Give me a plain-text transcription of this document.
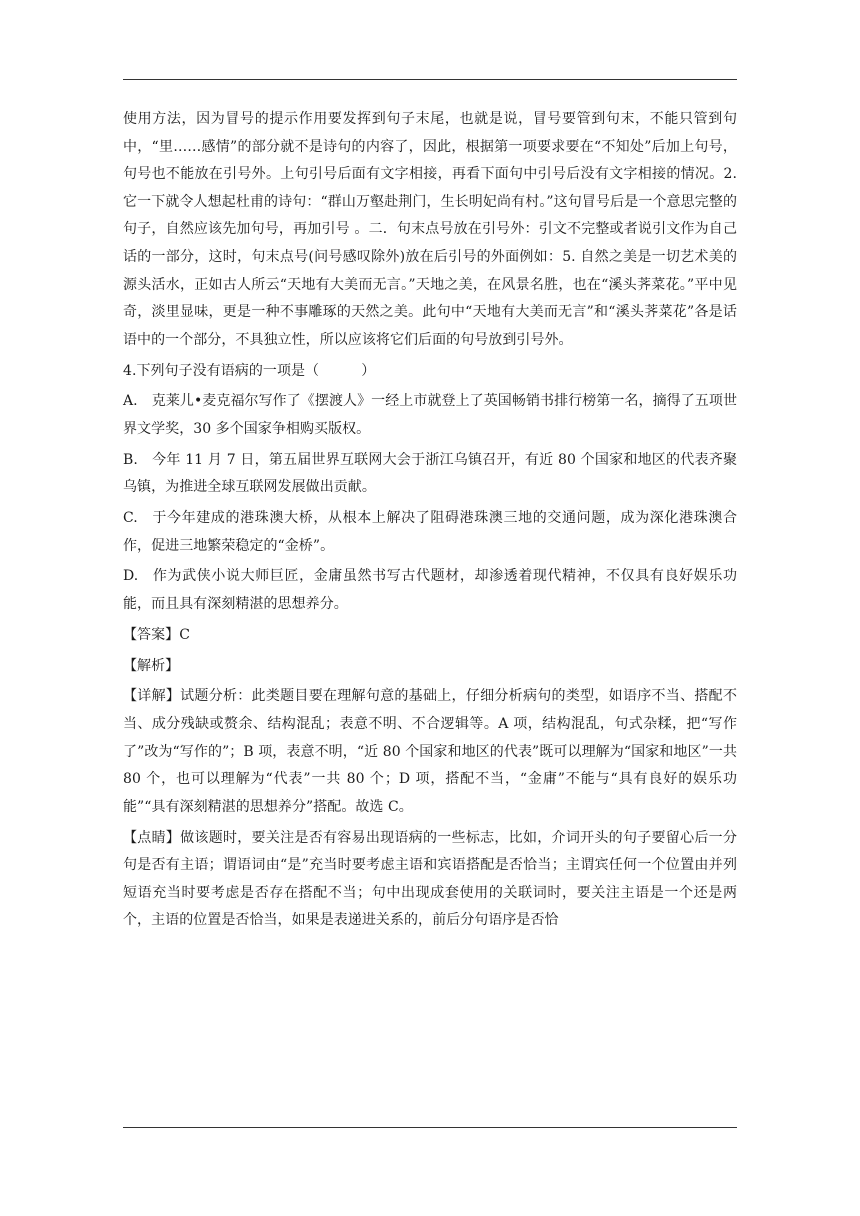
使用方法，因为冒号的提示作用要发挥到句子末尾，也就是说，冒号要管到句末，不能只管到句中，“里……感情”的部分就不是诗句的内容了，因此，根据第一项要求要在“不知处”后加上句号，句号也不能放在引号外。上句引号后面有文字相接，再看下面句中引号后没有文字相接的情况。2. 它一下就令人想起杜甫的诗句：“群山万壑赴荆门，生长明妃尚有村。”这句冒号后是一个意思完整的句子，自然应该先加句号，再加引号 。二．句末点号放在引号外：引文不完整或者说引文作为自己话的一部分，这时，句末点号(问号感叹除外)放在后引号的外面例如：5. 自然之美是一切艺术美的源头活水，正如古人所云“天地有大美而无言。”天地之美，在风景名胜，也在“溪头荠菜花。”平中见奇，淡里显味，更是一种不事雕琢的天然之美。此句中“天地有大美而无言”和“溪头荠菜花”各是话语中的一个部分，不具独立性，所以应该将它们后面的句号放到引号外。

4.下列句子没有语病的一项是（　　　）

A.  克莱儿•麦克福尔写作了《摆渡人》一经上市就登上了英国畅销书排行榜第一名，摘得了五项世界文学奖，30 多个国家争相购买版权。

B.  今年 11 月 7 日，第五届世界互联网大会于浙江乌镇召开，有近 80 个国家和地区的代表齐聚乌镇，为推进全球互联网发展做出贡献。

C.  于今年建成的港珠澳大桥，从根本上解决了阻碍港珠澳三地的交通问题，成为深化港珠澳合作，促进三地繁荣稳定的“金桥”。

D.  作为武侠小说大师巨匠，金庸虽然书写古代题材，却渗透着现代精神，不仅具有良好娱乐功能，而且具有深刻精湛的思想养分。

【答案】C

【解析】

【详解】试题分析：此类题目要在理解句意的基础上，仔细分析病句的类型，如语序不当、搭配不当、成分残缺或赘余、结构混乱；表意不明、不合逻辑等。A 项，结构混乱，句式杂糅，把“写作了”改为“写作的”；B 项，表意不明，“近 80 个国家和地区的代表”既可以理解为“国家和地区”一共 80 个，也可以理解为“代表”一共 80 个；D 项，搭配不当，“金庸”不能与“具有良好的娱乐功能”“具有深刻精湛的思想养分”搭配。故选 C。

【点睛】做该题时，要关注是否有容易出现语病的一些标志，比如，介词开头的句子要留心后一分句是否有主语；谓语词由“是”充当时要考虑主语和宾语搭配是否恰当；主谓宾任何一个位置由并列短语充当时要考虑是否存在搭配不当；句中出现成套使用的关联词时，要关注主语是一个还是两个，主语的位置是否恰当，如果是表递进关系的，前后分句语序是否恰
